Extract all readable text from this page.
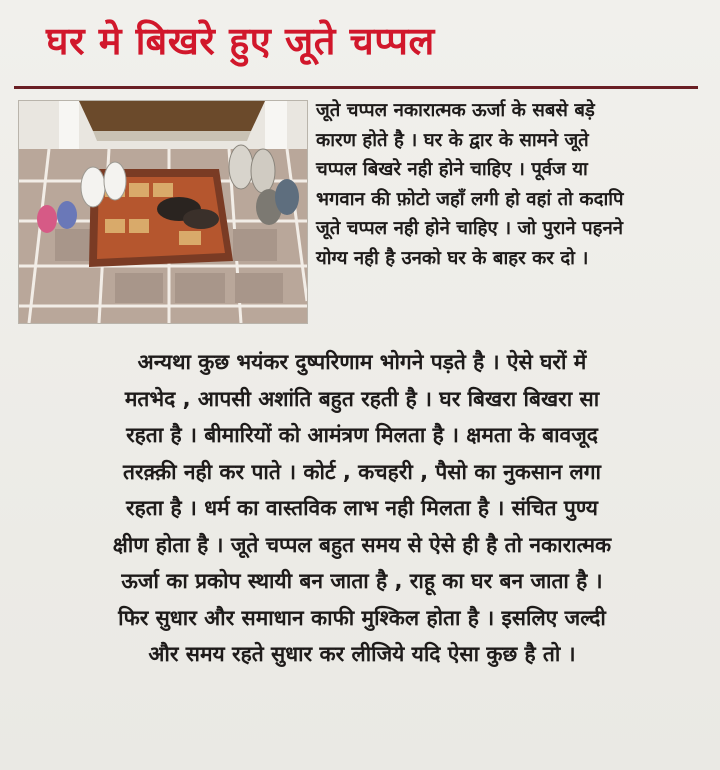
घर मे बिखरे हुए जूते चप्पल
जूते चप्पल नकारात्मक ऊर्जा के सबसे बड़े
कारण होते है । घर के द्वार के सामने जूते
चप्पल बिखरे नही होने चाहिए । पूर्वज या
भगवान की फ़ोटो जहाँ लगी हो वहां तो कदापि
जूते चप्पल नही होने चाहिए । जो पुराने पहनने
योग्य नही है उनको घर के बाहर कर दो ।
अन्यथा कुछ भयंकर दुष्परिणाम भोगने पड़ते है । ऐसे घरों में
मतभेद , आपसी अशांति बहुत रहती है । घर बिखरा बिखरा सा
रहता है । बीमारियों को आमंत्रण मिलता है । क्षमता के बावजूद
तरक़्क़ी नही कर पाते । कोर्ट , कचहरी , पैसो का नुकसान लगा
रहता है । धर्म का वास्तविक लाभ नही मिलता है । संचित पुण्य
क्षीण होता है । जूते चप्पल बहुत समय से ऐसे ही है तो नकारात्मक
ऊर्जा का प्रकोप स्थायी बन जाता है , राहू का घर बन जाता है ।
फिर सुधार और समाधान काफी मुश्किल होता है । इसलिए जल्दी
और समय रहते सुधार कर लीजिये यदि ऐसा कुछ है तो ।
